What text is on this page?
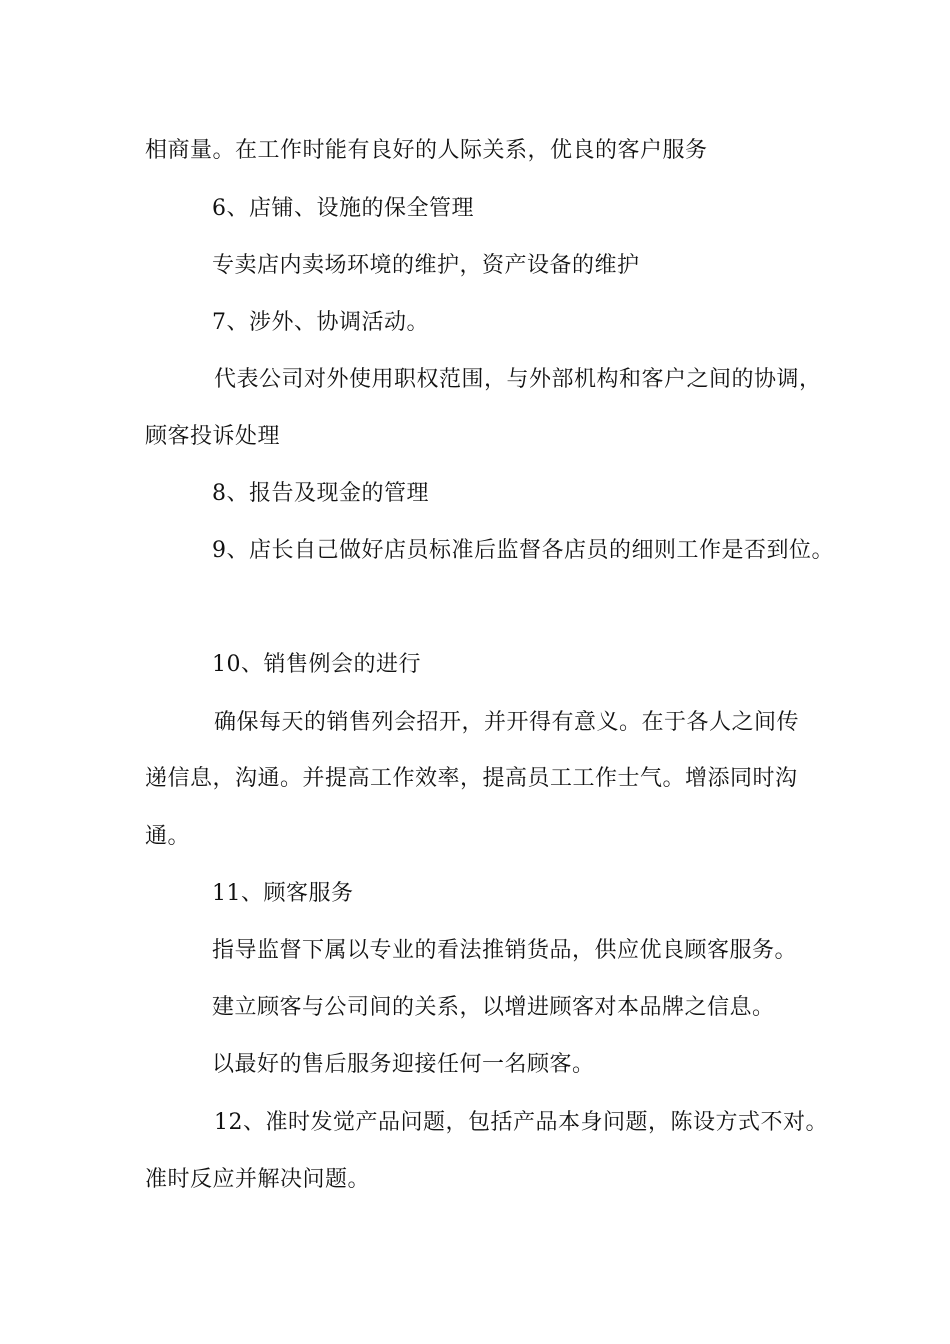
相商量。在工作时能有良好的人际关系，优良的客户服务
6、店铺、设施的保全管理
专卖店内卖场环境的维护，资产设备的维护
7、涉外、协调活动。
代表公司对外使用职权范围，与外部机构和客户之间的协调，
顾客投诉处理
8、报告及现金的管理
9、店长自己做好店员标准后监督各店员的细则工作是否到位。
10、销售例会的进行
确保每天的销售列会招开，并开得有意义。在于各人之间传
递信息，沟通。并提高工作效率，提高员工工作士气。增添同时沟
通。
11、顾客服务
指导监督下属以专业的看法推销货品，供应优良顾客服务。
建立顾客与公司间的关系，以增进顾客对本品牌之信息。
以最好的售后服务迎接任何一名顾客。
12、准时发觉产品问题，包括产品本身问题，陈设方式不对。
准时反应并解决问题。
